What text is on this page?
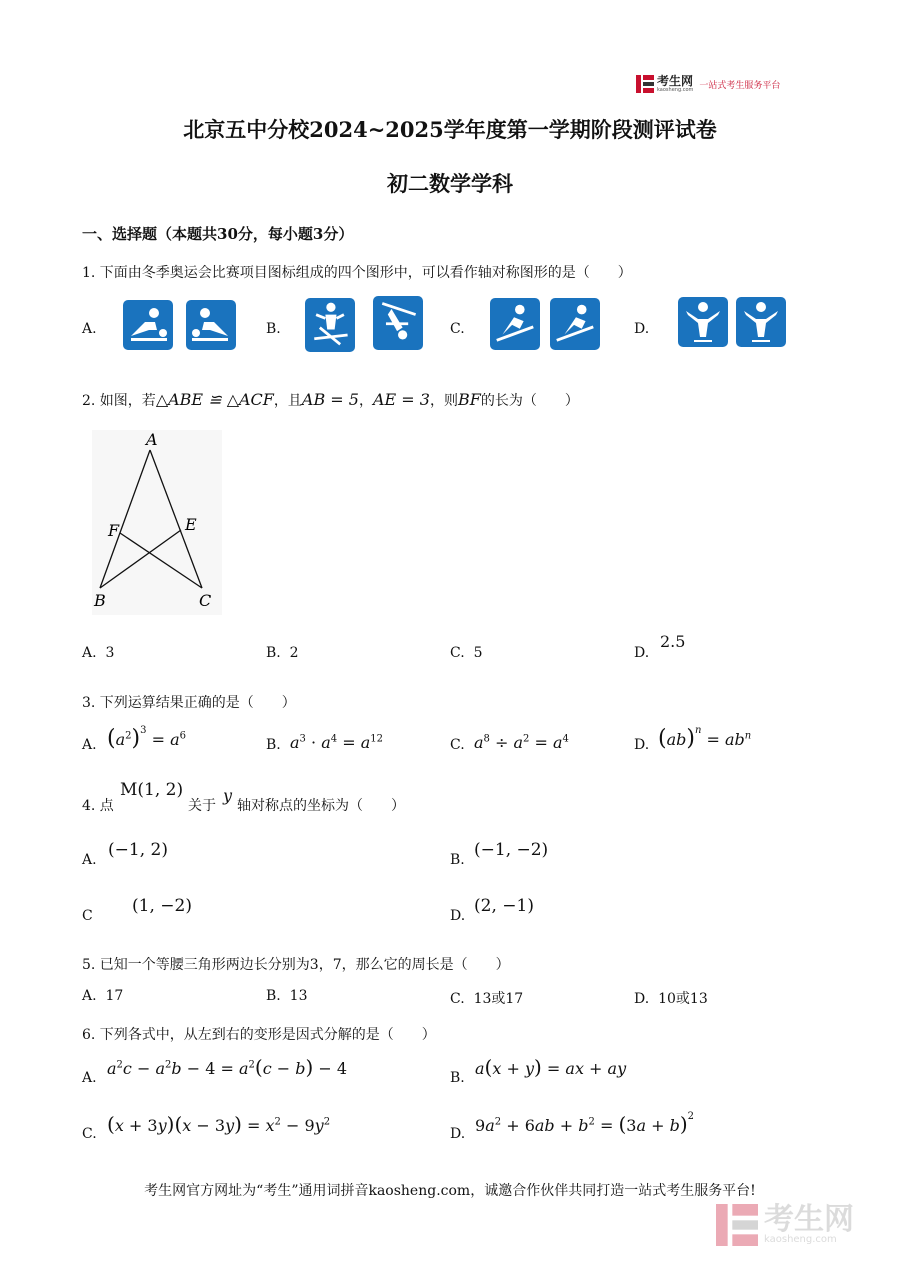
考生网
kaosheng.com 一站式考生服务平台
北京五中分校2024~2025学年度第一学期阶段测评试卷
初二数学学科
一、选择题（本题共30分，每小题3分）
1. 下面由冬季奥运会比赛项目图标组成的四个图形中，可以看作轴对称图形的是（　　）
A.	B.	C.	D.
2. 如图，若△ABE ≌ △ACF，且AB = 5，AE = 3，则BF的长为（　　）
A
F	E
B	C
A. 3	B. 2	C. 5	D.
2.5
3. 下列运算结果正确的是（　　）
A. $(a^2)^3 = a^6$
B. $a^3 \cdot a^4 = a^{12}$	C. $a^8 \div a^2 = a^4$	D. $(ab)^n = ab^n$
4. 点
M(1, 2)
关于
y
轴对称点的坐标为（　　）
A. (−1, 2)	B. (−1, −2)
C (1, −2)	D. (2, −1)
5. 已知一个等腰三角形两边长分别为3，7，那么它的周长是（　　）
A. 17	B. 13	C. 13或17	D. 10或13
6. 下列各式中，从左到右的变形是因式分解的是（　　）
A. $a^2c - a^2b - 4 = a^2(c - b) - 4$	B. a(x + y) = ax + ay
C. $(x + 3y)(x - 3y) = x^2 - 9y^2$
D. $9a^2 + 6ab + b^2 = (3a + b)^2$
考生网官方网址为“考生”通用词拼音kaosheng.com，诚邀合作伙伴共同打造一站式考生服务平台!
考生网
kaosheng.com
